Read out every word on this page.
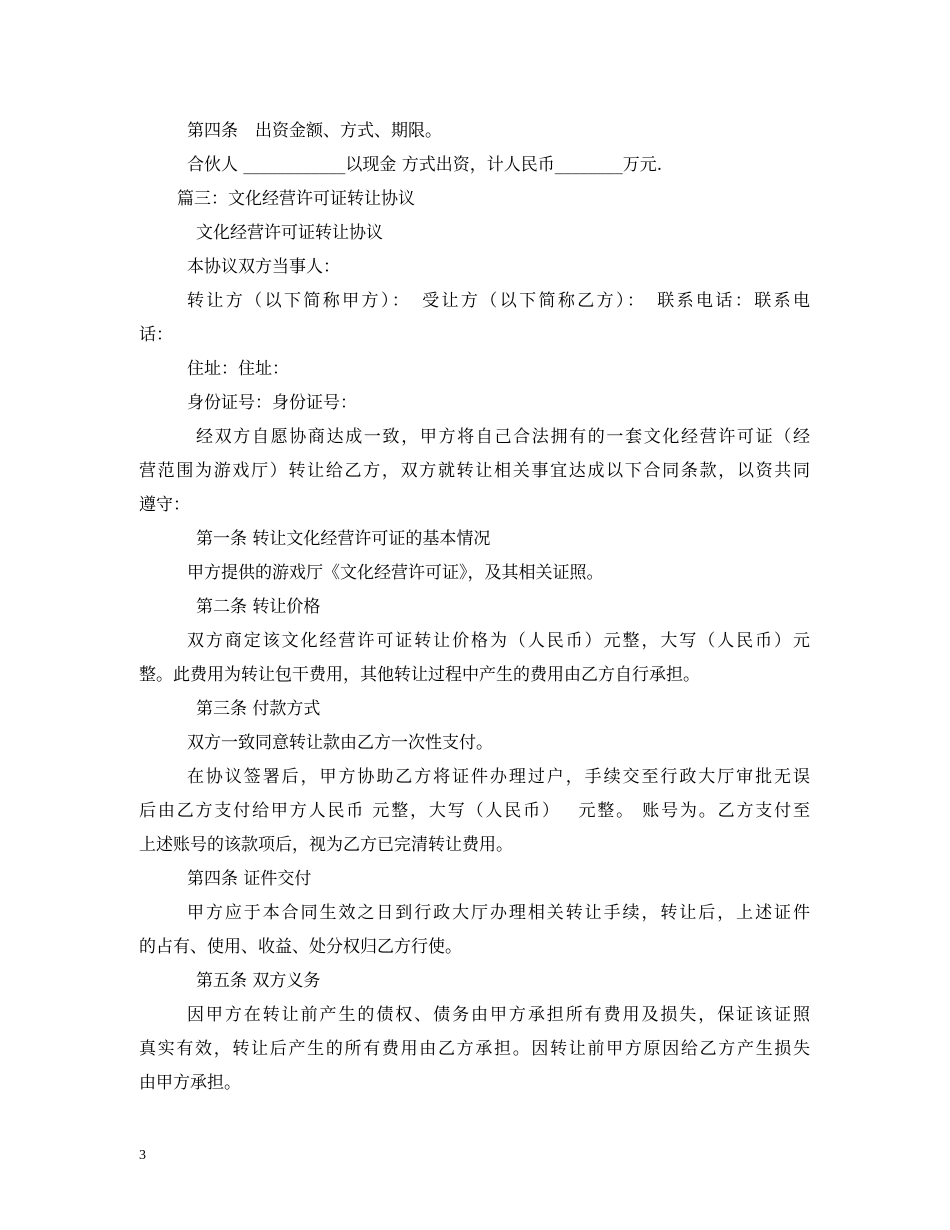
第四条　出资金额、方式、期限。
合伙人 ____________以现金 方式出资，计人民币________万元.
篇三：文化经营许可证转让协议
文化经营许可证转让协议
本协议双方当事人：
转让方（以下简称甲方）：　受让方（以下简称乙方）：　联系电话：联系电
话：
住址：住址：
身份证号：身份证号：
经双方自愿协商达成一致，甲方将自己合法拥有的一套文化经营许可证（经
营范围为游戏厅）转让给乙方，双方就转让相关事宜达成以下合同条款，以资共同
遵守：
第一条 转让文化经营许可证的基本情况
甲方提供的游戏厅《文化经营许可证》，及其相关证照。
第二条 转让价格
双方商定该文化经营许可证转让价格为（人民币）元整，大写（人民币）元
整。此费用为转让包干费用，其他转让过程中产生的费用由乙方自行承担。
第三条 付款方式
双方一致同意转让款由乙方一次性支付。
在协议签署后，甲方协助乙方将证件办理过户，手续交至行政大厅审批无误
后由乙方支付给甲方人民币 元整，大写（人民币）　 元整。 账号为。乙方支付至
上述账号的该款项后，视为乙方已完清转让费用。
第四条 证件交付
甲方应于本合同生效之日到行政大厅办理相关转让手续，转让后，上述证件
的占有、使用、收益、处分权归乙方行使。
第五条 双方义务
因甲方在转让前产生的债权、债务由甲方承担所有费用及损失，保证该证照
真实有效，转让后产生的所有费用由乙方承担。因转让前甲方原因给乙方产生损失
由甲方承担。
3
